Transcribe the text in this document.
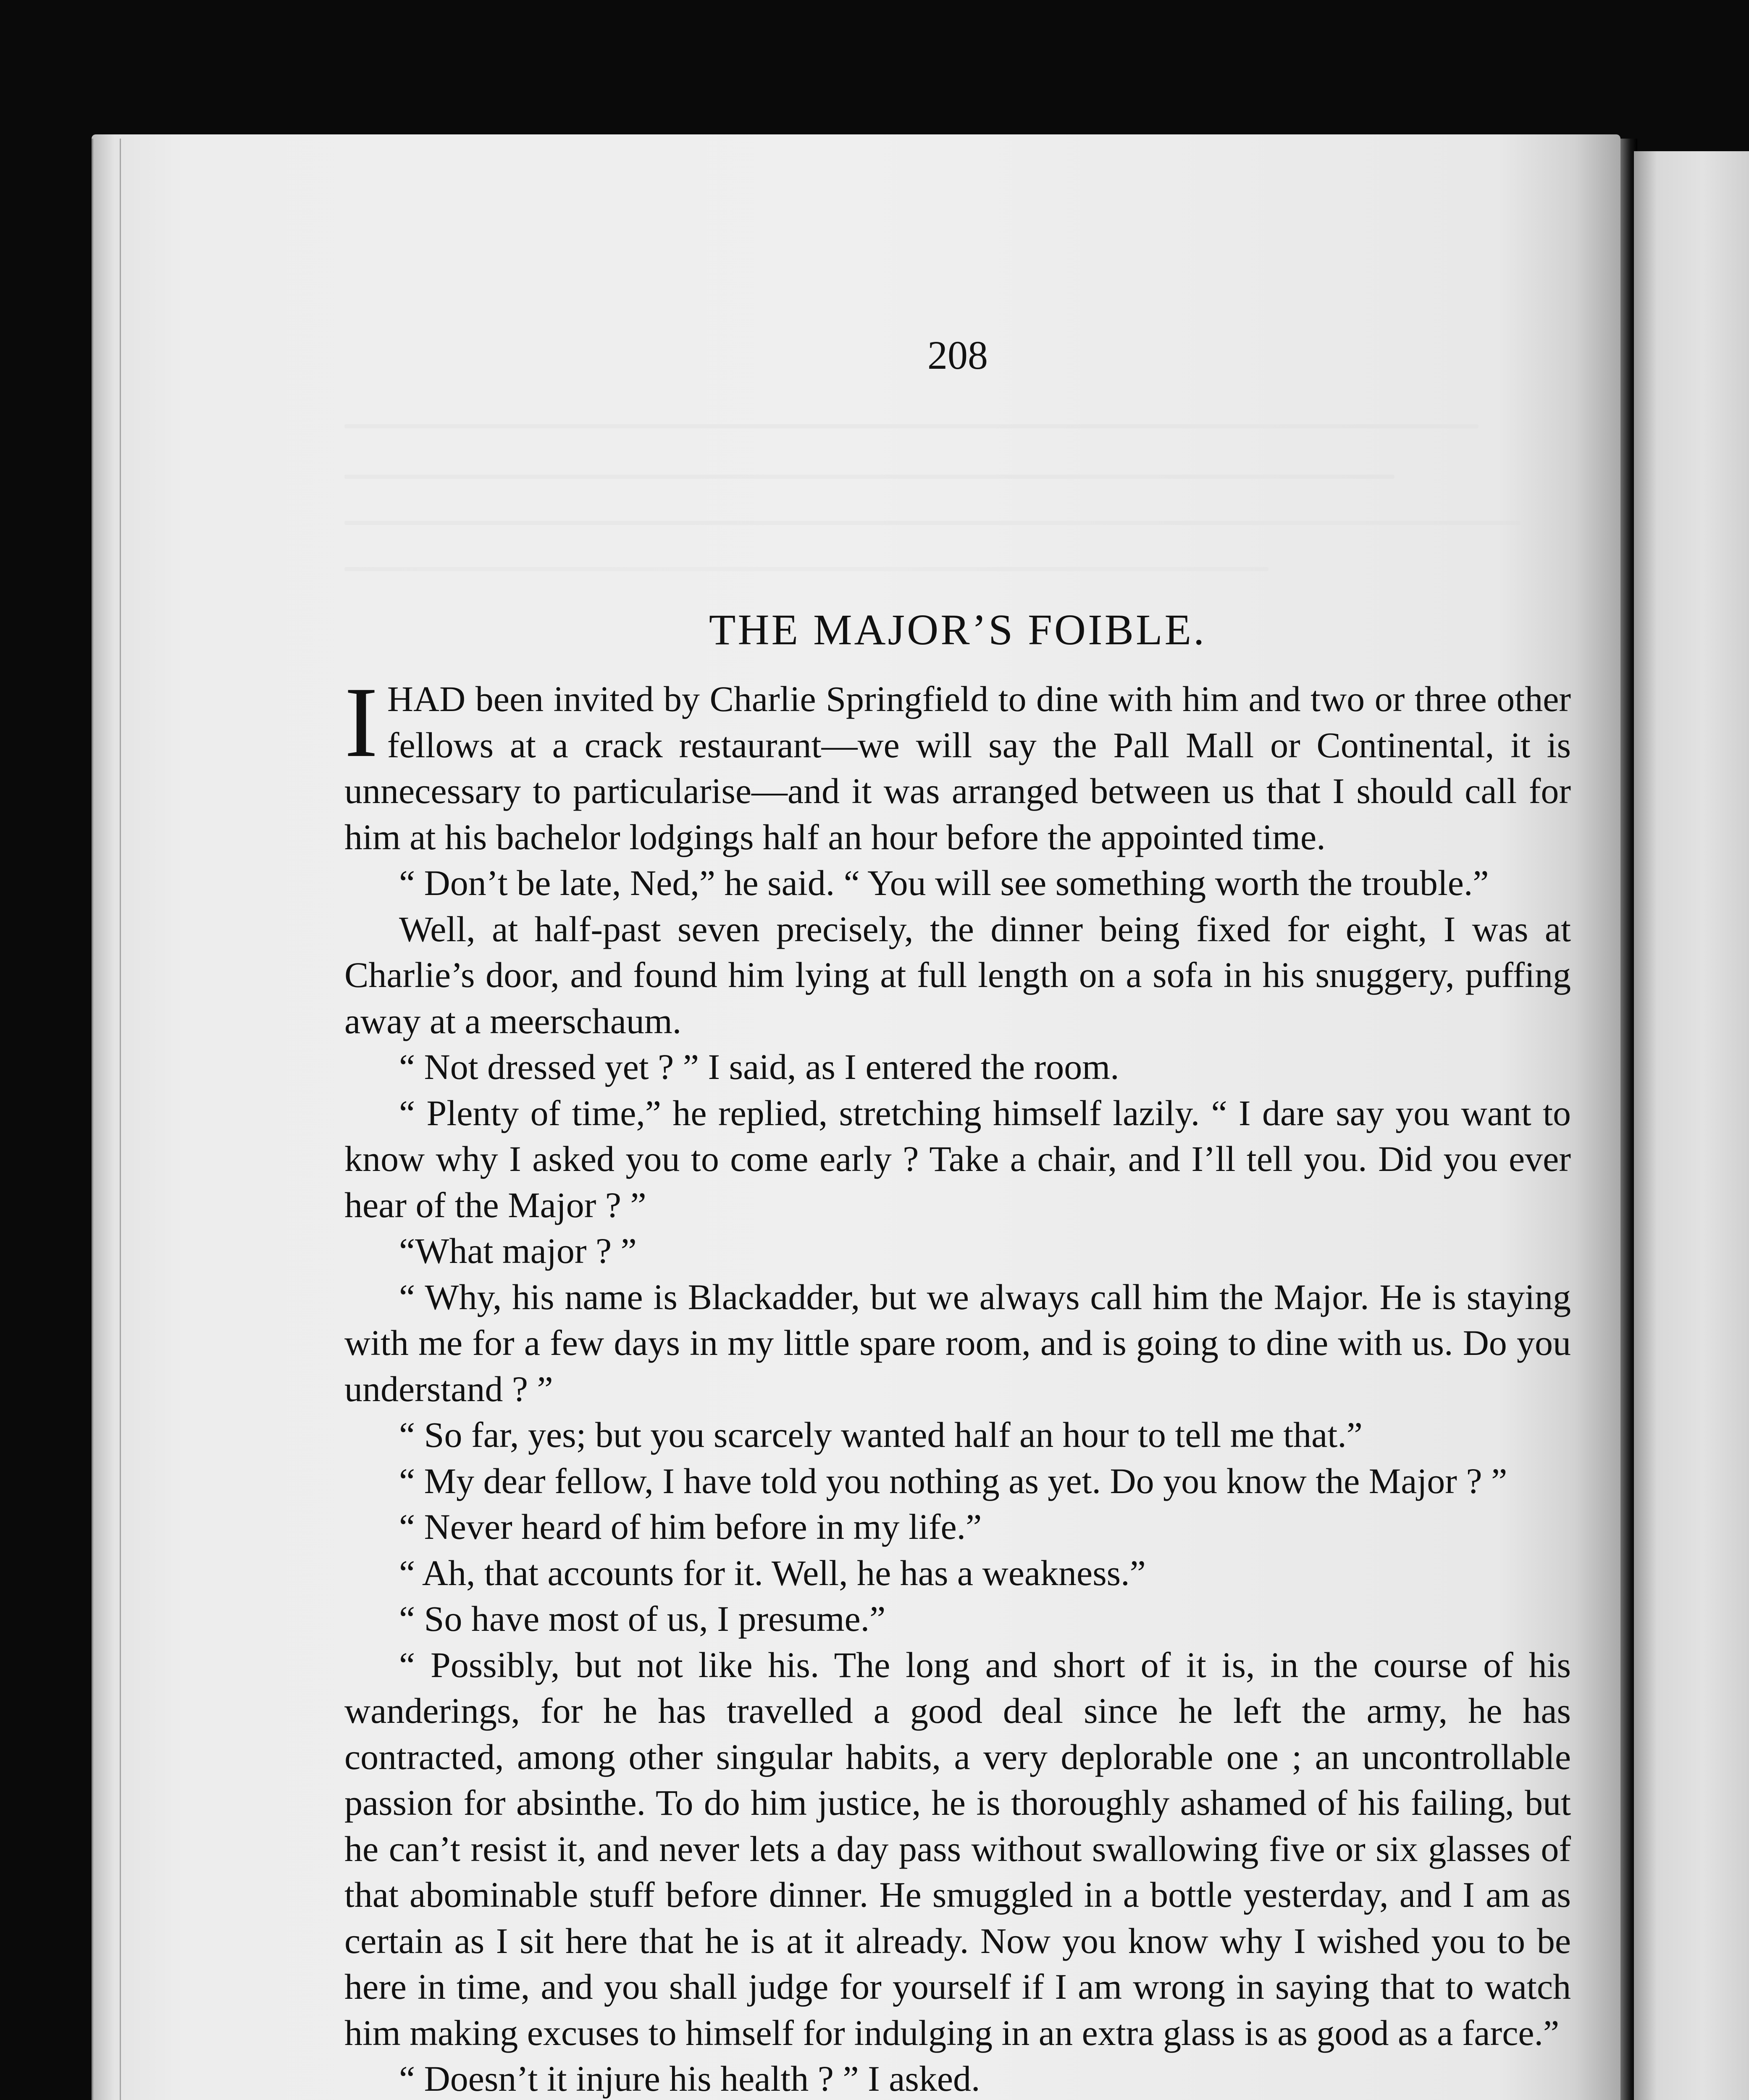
208
THE MAJOR’S FOIBLE.

IHAD been invited by Charlie Springfield to dine with him and two or three other fellows at a crack restaurant—we will say the Pall Mall or Continental, it is unnecessary to particularise—and it was arranged between us that I should call for him at his bachelor lodgings half an hour before the appointed time.

“ Don’t be late, Ned,” he said. “ You will see something worth the trouble.”

Well, at half-past seven precisely, the dinner being fixed for eight, I was at Charlie’s door, and found him lying at full length on a sofa in his snuggery, puffing away at a meerschaum.

“ Not dressed yet ? ” I said, as I entered the room.

“ Plenty of time,” he replied, stretching himself lazily. “ I dare say you want to know why I asked you to come early ? Take a chair, and I’ll tell you. Did you ever hear of the Major ? ”

“What major ? ”

“ Why, his name is Blackadder, but we always call him the Major. He is staying with me for a few days in my little spare room, and is going to dine with us. Do you understand ? ”

“ So far, yes; but you scarcely wanted half an hour to tell me that.”

“ My dear fellow, I have told you nothing as yet. Do you know the Major ? ”

“ Never heard of him before in my life.”

“ Ah, that accounts for it. Well, he has a weakness.”

“ So have most of us, I presume.”

“ Possibly, but not like his. The long and short of it is, in the course of his wanderings, for he has travelled a good deal since he left the army, he has contracted, among other singular habits, a very deplorable one ; an uncontrollable passion for absinthe. To do him justice, he is thoroughly ashamed of his failing, but he can’t resist it, and never lets a day pass without swallowing five or six glasses of that abominable stuff before dinner. He smuggled in a bottle yesterday, and I am as certain as I sit here that he is at it already. Now you know why I wished you to be here in time, and you shall judge for yourself if I am wrong in saying that to watch him making excuses to himself for indulging in an extra glass is as good as a farce.”

“ Doesn’t it injure his health ? ” I asked.
